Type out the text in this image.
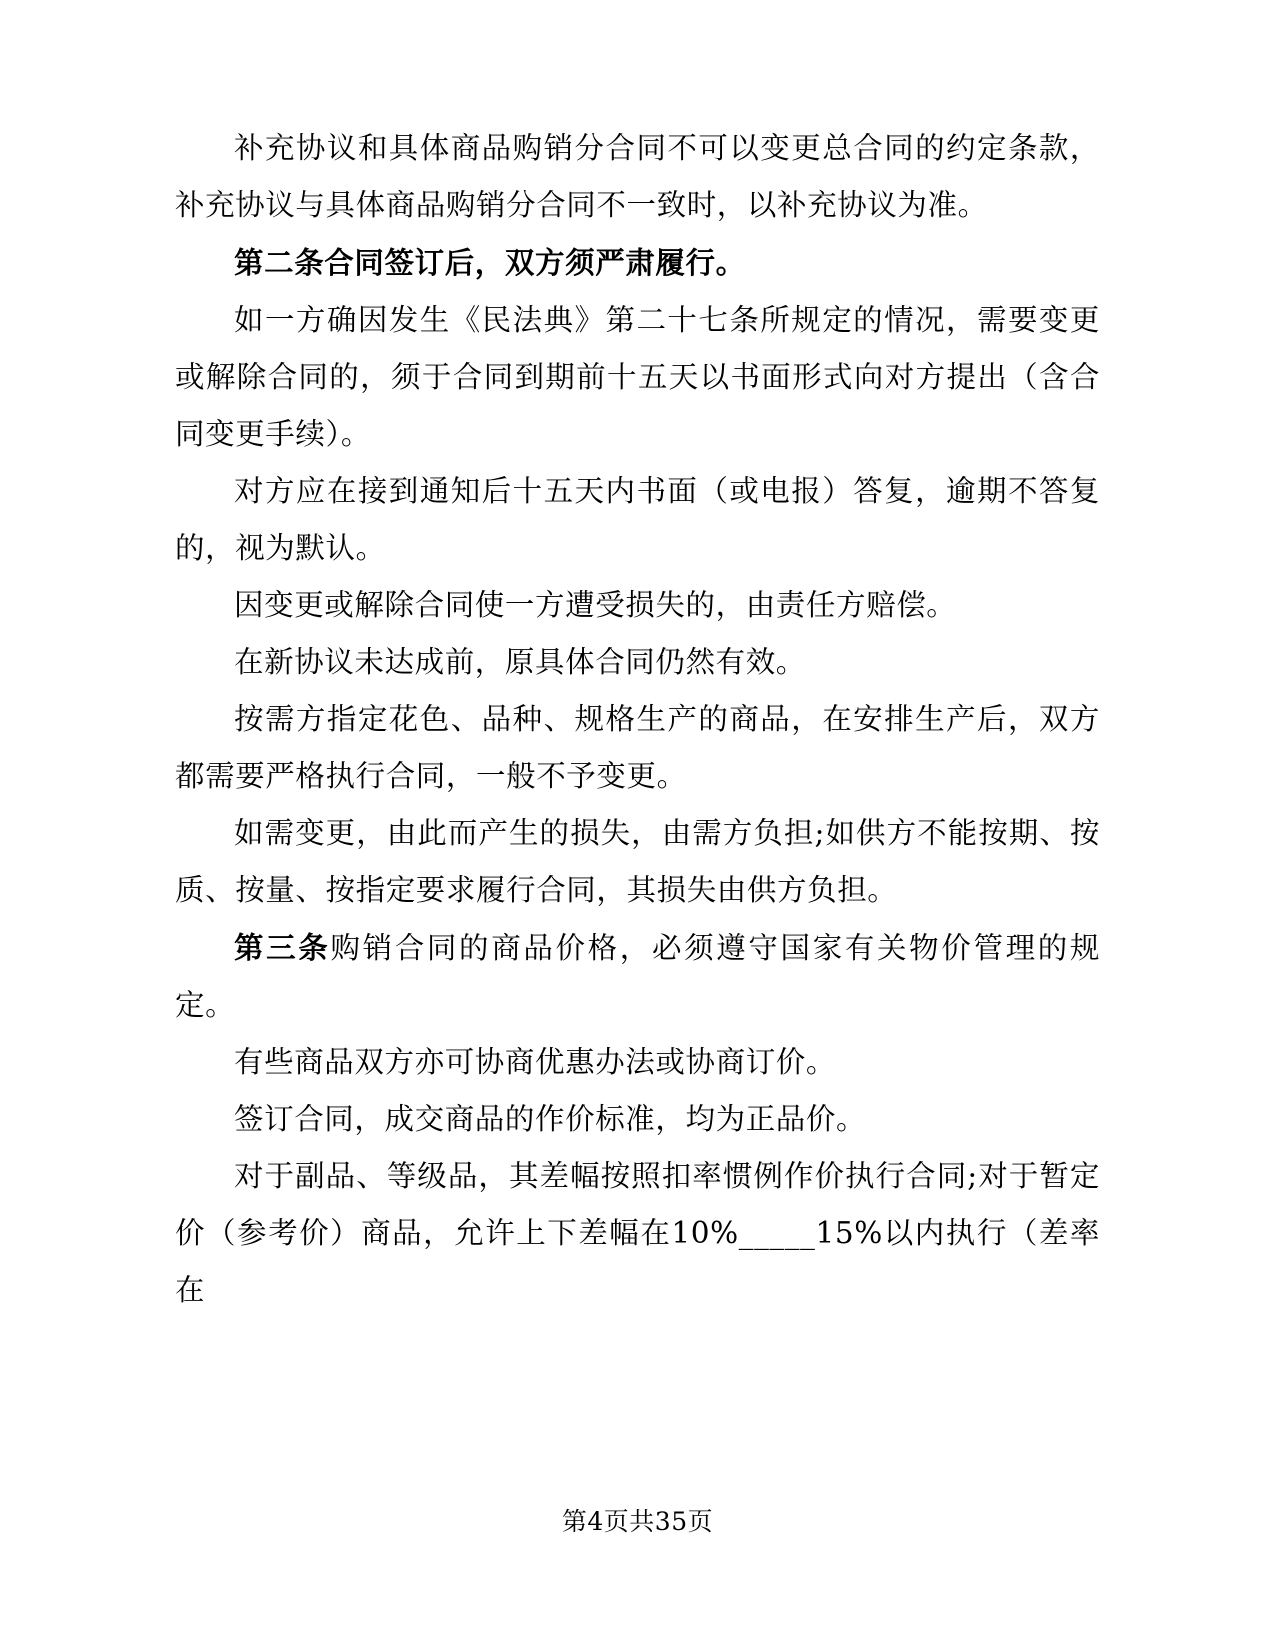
补充协议和具体商品购销分合同不可以变更总合同的约定条款，补充协议与具体商品购销分合同不一致时，以补充协议为准。

第二条合同签订后，双方须严肃履行。

如一方确因发生《民法典》第二十七条所规定的情况，需要变更或解除合同的，须于合同到期前十五天以书面形式向对方提出（含合同变更手续）。

对方应在接到通知后十五天内书面（或电报）答复，逾期不答复的，视为默认。

因变更或解除合同使一方遭受损失的，由责任方赔偿。

在新协议未达成前，原具体合同仍然有效。

按需方指定花色、品种、规格生产的商品，在安排生产后，双方都需要严格执行合同，一般不予变更。

如需变更，由此而产生的损失，由需方负担;如供方不能按期、按质、按量、按指定要求履行合同，其损失由供方负担。

第三条购销合同的商品价格，必须遵守国家有关物价管理的规定。

有些商品双方亦可协商优惠办法或协商订价。

签订合同，成交商品的作价标准，均为正品价。

对于副品、等级品，其差幅按照扣率惯例作价执行合同;对于暂定价（参考价）商品，允许上下差幅在10%_____15%以内执行（差率在

第4页共35页
